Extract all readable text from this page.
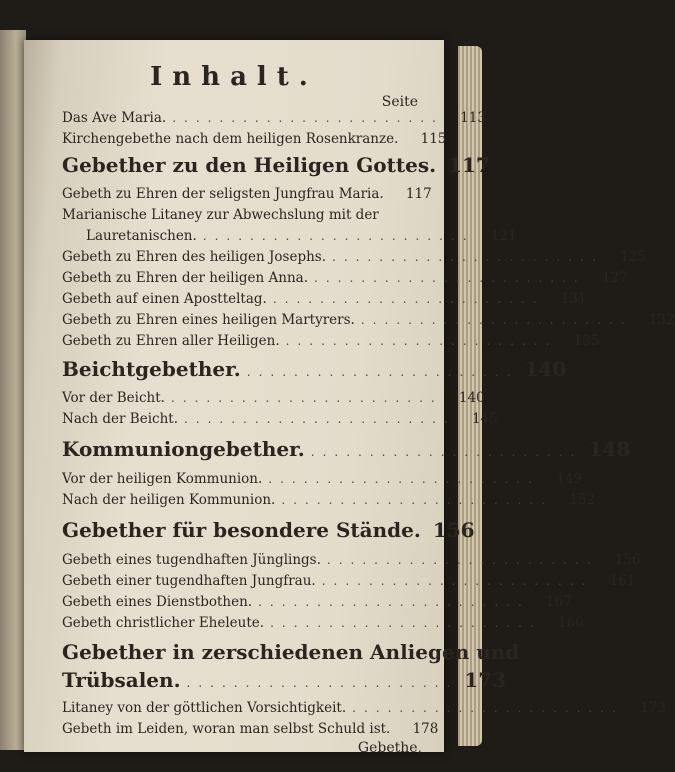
Inhalt.
Seite
Das Ave Maria. .......................	113
Kirchengebethe nach dem heiligen Rosenkranze.	115
Gebether zu den Heiligen Gottes. 117
Gebeth zu Ehren der seligsten Jungfrau Maria.	117
Marianische Litaney zur Abwechslung mit der
Lauretanischen. .......................	121
Gebeth zu Ehren des heiligen Josephs. .......................	125
Gebeth zu Ehren der heiligen Anna. .......................	127
Gebeth auf einen Apostteltag. .......................	131
Gebeth zu Ehren eines heiligen Martyrers. .......................	132
Gebeth zu Ehren aller Heiligen. .......................	135
Beichtgebether. ....................... 140
Vor der Beicht. .......................	140
Nach der Beicht. .......................	145
Kommuniongebether. ....................... 148
Vor der heiligen Kommunion. .......................	149
Nach der heiligen Kommunion. .......................	152
Gebether für besondere Stände. 156
Gebeth eines tugendhaften Jünglings. .......................	156
Gebeth einer tugendhaften Jungfrau. .......................	161
Gebeth eines Dienstbothen. .......................	167
Gebeth christlicher Eheleute. .......................	160
Gebether in zerschiedenen Anliegen und
Trübsalen. ....................... 173
Litaney von der göttlichen Vorsichtigkeit. .......................	173
Gebeth im Leiden, woran man selbst Schuld ist.	178
Gebethe,
